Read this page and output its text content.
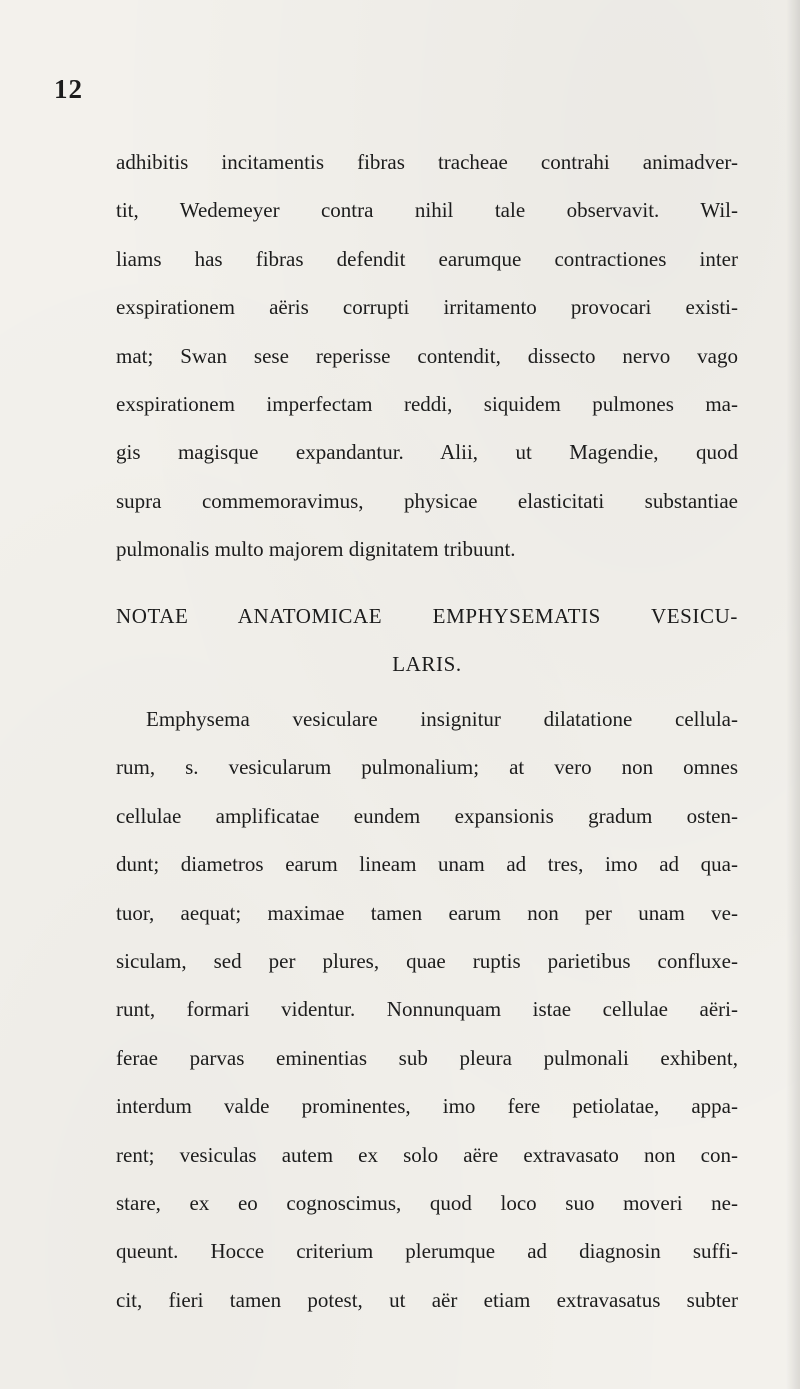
12
adhibitis incitamentis fibras tracheae contrahi animadver-
tit, Wedemeyer contra nihil tale observavit. Wil-
liams has fibras defendit earumque contractiones inter
exspirationem aëris corrupti irritamento provocari existi-
mat; Swan sese reperisse contendit, dissecto nervo vago
exspirationem imperfectam reddi, siquidem pulmones ma-
gis magisque expandantur. Alii, ut Magendie, quod
supra commemoravimus, physicae elasticitati substantiae
pulmonalis multo majorem dignitatem tribuunt.
NOTAE ANATOMICAE EMPHYSEMATIS VESICU-
LARIS.
Emphysema vesiculare insignitur dilatatione cellula-
rum, s. vesicularum pulmonalium; at vero non omnes
cellulae amplificatae eundem expansionis gradum osten-
dunt; diametros earum lineam unam ad tres, imo ad qua-
tuor, aequat; maximae tamen earum non per unam ve-
siculam, sed per plures, quae ruptis parietibus confluxe-
runt, formari videntur. Nonnunquam istae cellulae aëri-
ferae parvas eminentias sub pleura pulmonali exhibent,
interdum valde prominentes, imo fere petiolatae, appa-
rent; vesiculas autem ex solo aëre extravasato non con-
stare, ex eo cognoscimus, quod loco suo moveri ne-
queunt. Hocce criterium plerumque ad diagnosin suffi-
cit, fieri tamen potest, ut aër etiam extravasatus subter
